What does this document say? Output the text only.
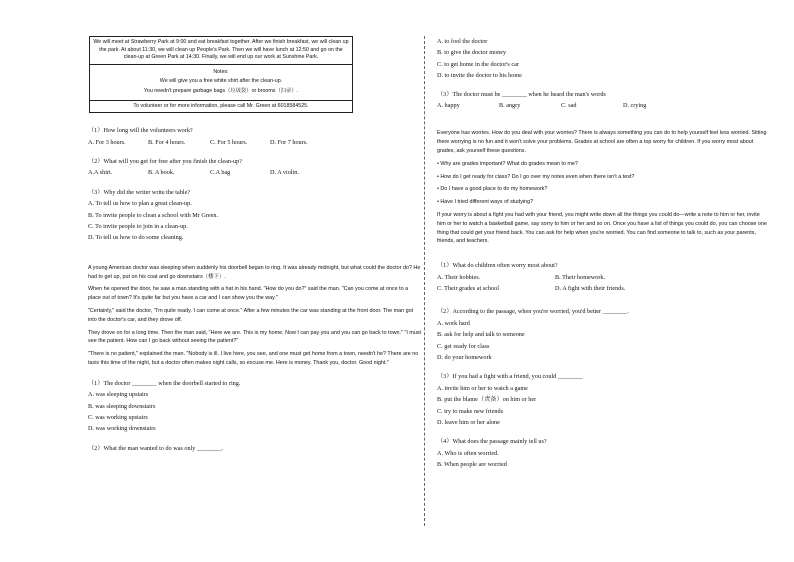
We will meet at Strawberry Park at 9:00 and eat breakfast together. After we finish breakfast, we will clean up the park. At about 11:30, we will clean up People's Park. Then we will have lunch at 12:50 and go on the clean-up at Green Park at 14:30. Finally, we will end up our work at Sunshine Park.

Notes:

We will give you a free white shirt after the clean-up.

You needn't prepare garbage bags（垃圾袋）or brooms（扫帚）.

To volunteer or for more information, please call Mr. Green at 6018584525.

（1）How long will the volunteers work?

A. For 3 hours.	B. For 4 hours.	C. For 5 hours.	D. For 7 hours.

（2）What will you get for free after you finish the clean-up?

A.A shirt.	B. A book.	C.A bag	D. A violin.

（3）Why did the writer write the table?

A. To tell us how to plan a great clean-up.

B. To invite people to clean a school with Mr Green.

C. To invite people to join in a clean-up.

D. To tell us how to do some cleaning.

A young American doctor was sleeping when suddenly his doorbell began to ring. It was already midnight, but what could the doctor do? He had to get up, put on his coat and go downstairs（楼下）.

When he opened the door, he saw a man standing with a hat in his hand. "How do you do?" said the man. "Can you come at once to a place out of town? It's quite far but you have a car and I can show you the way."

"Certainly," said the doctor, "I'm quite ready. I can come at once." After a few minutes the car was standing at the front door. The man got into the doctor's car, and they drove off.

They drove on for a long time. Then the man said, "Here we are. This is my home. Now I can pay you and you can go back to town." "I must see the patient. How can I go back without seeing the patient?"

"There is no patient," explained the man. "Nobody is ill. I live here, you see, and one must get home from a town, needn't he? There are no taxis this time of the night, but a doctor often makes night calls, so excuse me. Here is money. Thank you, doctor. Good night."

（1）The doctor ________ when the doorbell started to ring.

A. was sleeping upstairs

B. was sleeping downstairs

C. was working upstairs

D. was working downstairs

（2）What the man wanted to do was only ________.

A. to fool the doctor

B. to give the doctor money

C. to get home in the doctor's car

D. to invite the doctor to his home

（3）The doctor must be ________ when he heard the man's words

A. happy	B. angry	C. sad	D. crying

Everyone has worries. How do you deal with your worries? There is always something you can do to help yourself feel less worried. Sitting there worrying is no fun and it won't solve your problems. Grades at school are often a top worry for children. If you worry most about grades, ask yourself these questions.

• Why are grades important? What do grades mean to me?

• How do I get ready for class? Do I go over my notes even when there isn't a test?

• Do I have a good place to do my homework?

• Have I tried different ways of studying?

If your worry is about a fight you had with your friend, you might write down all the things you could do—write a note to him or her, invite him or her to watch a basketball game, say sorry to him or her and so on. Once you have a list of things you could do, you can choose one thing that could get your friend back. You can ask for help when you're worried. You can find someone to talk to, such as your parents, friends, and teachers.

（1）What do children often worry most about?

A. Their hobbies.	B. Their homework.
C. Their grades at school	D. A fight with their friends.

（2）According to the passage, when you're worried, you'd better ________.

A. work hard

B. ask for help and talk to someone

C. get ready for class

D. do your homework

（3）If you had a fight with a friend, you could ________

A. invite him or her to watch a game

B. put the blame（责备）on him or her

C. try to make new friends

D. leave him or her alone

（4）What does the passage mainly tell us?

A. Who is often worried.

B. When people are worried
